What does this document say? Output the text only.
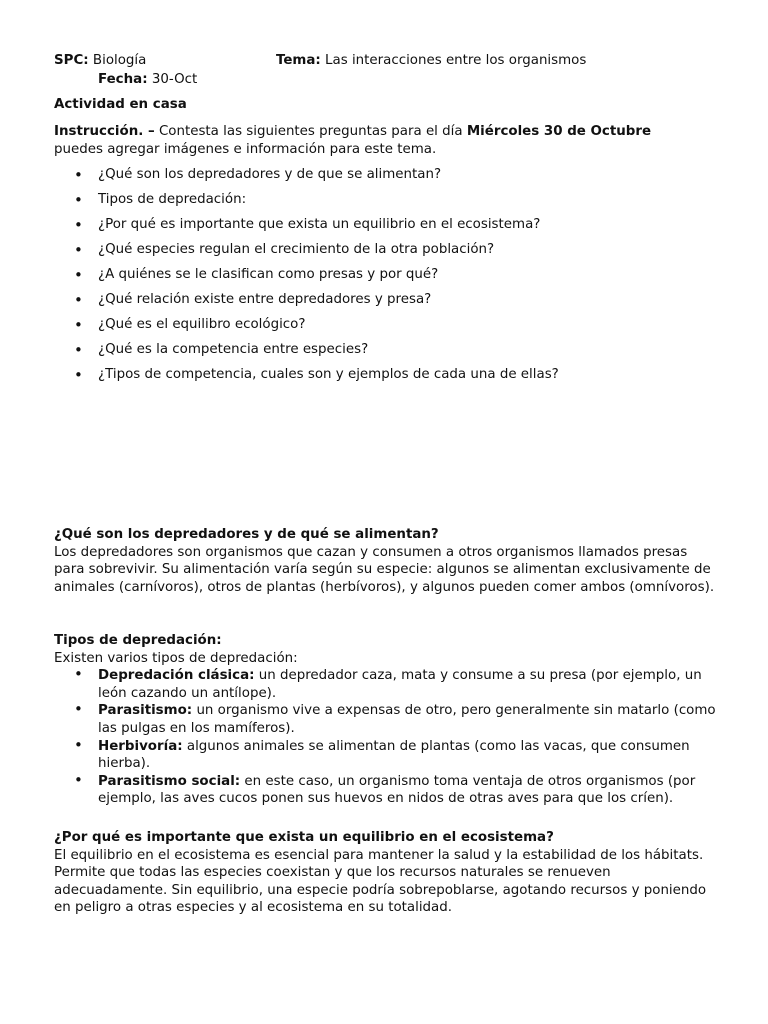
SPC: Biología	Tema: Las interacciones entre los organismos
Fecha: 30-Oct
Actividad en casa
Instrucción. – Contesta las siguientes preguntas para el día Miércoles 30 de Octubre
puedes agregar imágenes e información para este tema.
• ¿Qué son los depredadores y de que se alimentan?
• Tipos de depredación:
• ¿Por qué es importante que exista un equilibrio en el ecosistema?
• ¿Qué especies regulan el crecimiento de la otra población?
• ¿A quiénes se le clasifican como presas y por qué?
• ¿Qué relación existe entre depredadores y presa?
• ¿Qué es el equilibro ecológico?
• ¿Qué es la competencia entre especies?
• ¿Tipos de competencia, cuales son y ejemplos de cada una de ellas?
¿Qué son los depredadores y de qué se alimentan?

Los depredadores son organismos que cazan y consumen a otros organismos llamados presas para sobrevivir. Su alimentación varía según su especie: algunos se alimentan exclusivamente de animales (carnívoros), otros de plantas (herbívoros), y algunos pueden comer ambos (omnívoros).

Tipos de depredación:

Existen varios tipos de depredación:

• Depredación clásica: un depredador caza, mata y consume a su presa (por ejemplo, un león cazando un antílope).
• Parasitismo: un organismo vive a expensas de otro, pero generalmente sin matarlo (como las pulgas en los mamíferos).
• Herbivoría: algunos animales se alimentan de plantas (como las vacas, que consumen hierba).
• Parasitismo social: en este caso, un organismo toma ventaja de otros organismos (por ejemplo, las aves cucos ponen sus huevos en nidos de otras aves para que los críen).
¿Por qué es importante que exista un equilibrio en el ecosistema?

El equilibrio en el ecosistema es esencial para mantener la salud y la estabilidad de los hábitats. Permite que todas las especies coexistan y que los recursos naturales se renueven adecuadamente. Sin equilibrio, una especie podría sobrepoblarse, agotando recursos y poniendo en peligro a otras especies y al ecosistema en su totalidad.
